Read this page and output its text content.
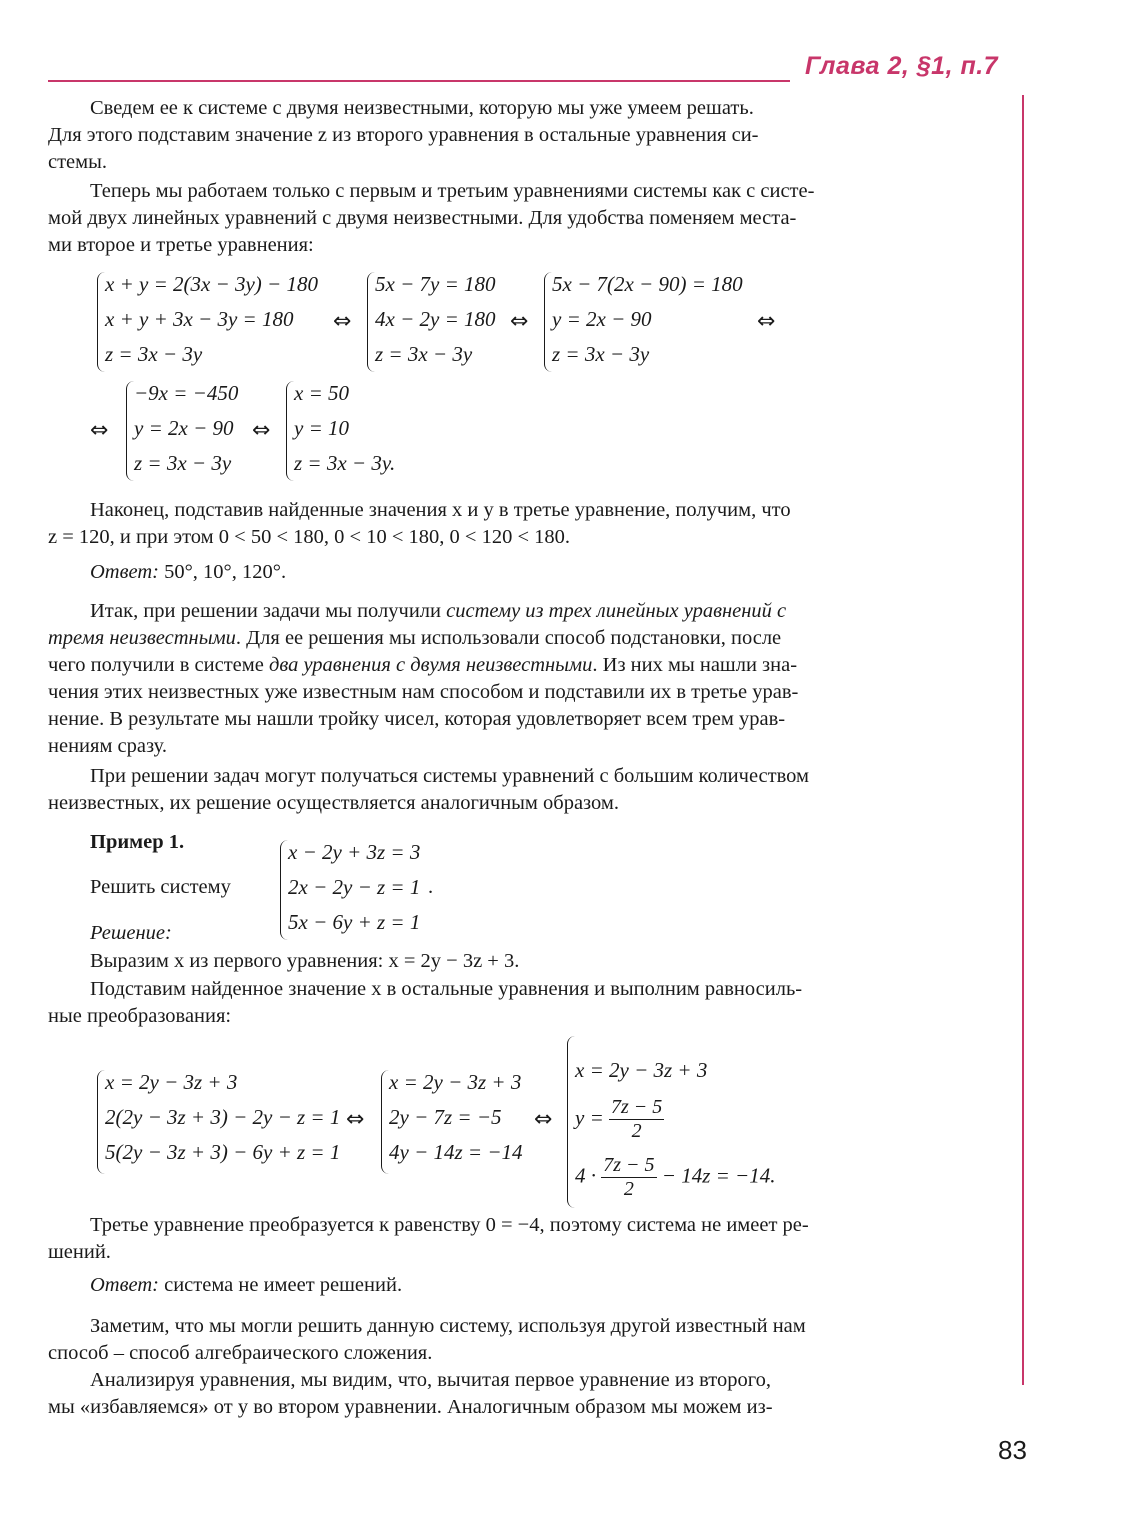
Глава 2, §1, п.7
Сведем ее к системе с двумя неизвестными, которую мы уже умеем решать.
Для этого подставим значение z из второго уравнения в остальные уравнения си-
стемы.
Теперь мы работаем только с первым и третьим уравнениями системы как с систе-
мой двух линейных уравнений с двумя неизвестными. Для удобства поменяем места-
ми второе и третье уравнения:
x + y = 2(3x − 3y) − 180
x + y + 3x − 3y = 180
z = 3x − 3y
⇔
5x − 7y = 180
4x − 2y = 180
z = 3x − 3y
⇔
5x − 7(2x − 90) = 180
y = 2x − 90
z = 3x − 3y
⇔
⇔
−9x = −450
y = 2x − 90
z = 3x − 3y
⇔
x = 50
y = 10
z = 3x − 3y.
Наконец, подставив найденные значения x и y в третье уравнение, получим, что
z = 120, и при этом 0 < 50 < 180, 0 < 10 < 180, 0 < 120 < 180.
Ответ: 50°, 10°, 120°.
Итак, при решении задачи мы получили систему из трех линейных уравнений с
тремя неизвестными. Для ее решения мы использовали способ подстановки, после
чего получили в системе два уравнения с двумя неизвестными. Из них мы нашли зна-
чения этих неизвестных уже известным нам способом и подставили их в третье урав-
нение. В результате мы нашли тройку чисел, которая удовлетворяет всем трем урав-
нениям сразу.
При решении задач могут получаться системы уравнений с большим количеством
неизвестных, их решение осуществляется аналогичным образом.
Пример 1.
Решить систему
x − 2y + 3z = 3
2x − 2y − z = 1
5x − 6y + z = 1
.
Решение:
Выразим x из первого уравнения: x = 2y − 3z + 3.
Подставим найденное значение x в остальные уравнения и выполним равносиль-
ные преобразования:
x = 2y − 3z + 3
2(2y − 3z + 3) − 2y − z = 1
5(2y − 3z + 3) − 6y + z = 1
⇔
x = 2y − 3z + 3
2y − 7z = −5
4y − 14z = −14
⇔
x = 2y − 3z + 3
$y = \frac{7z - 5}{2}$
$4 \cdot \frac{7z - 5}{2} - 14z = -14$.
Третье уравнение преобразуется к равенству 0 = −4, поэтому система не имеет ре-
шений.
Ответ: система не имеет решений.
Заметим, что мы могли решить данную систему, используя другой известный нам
способ – способ алгебраического сложения.
Анализируя уравнения, мы видим, что, вычитая первое уравнение из второго,
мы «избавляемся» от y во втором уравнении. Аналогичным образом мы можем из-
83
